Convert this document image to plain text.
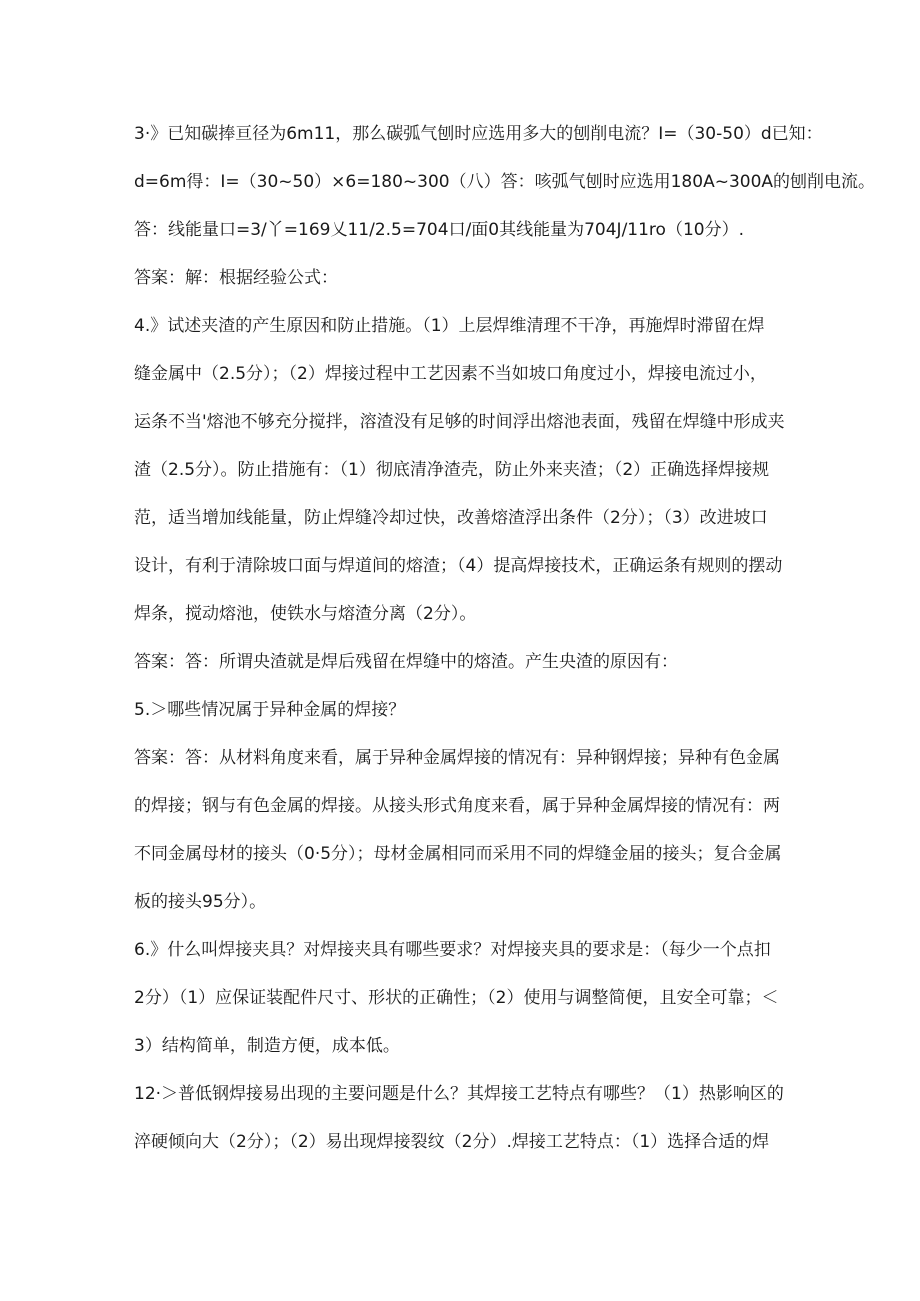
3·》已知碳捧亘径为6m11，那么碳弧气刨时应选用多大的刨削电流？I=（30-50）d已知：
d=6m得：I=（30~50）×6=180~300（八）答：咳弧气刨时应选用180A~300A的刨削电流。
答：线能量口=3/丫=169乂11/2.5=704口/面0其线能量为704J∕11ro（10分）.
答案：解：根据经验公式：
4.》试述夹渣的产生原因和防止措施。（1）上层焊维清理不干净，再施焊时滞留在焊
缝金属中（2.5分）；（2）焊接过程中工艺因素不当如坡口角度过小，焊接电流过小，
运条不当'熔池不够充分搅拌，溶渣没有足够的时间浮出熔池表面，残留在焊缝中形成夹
渣（2.5分）。防止措施有：（1）彻底清净渣壳，防止外来夹渣；（2）正确选择焊接规
范，适当增加线能量，防止焊缝冷却过快，改善熔渣浮出条件（2分）；（3）改进坡口
设计，有利于清除坡口面与焊道间的熔渣；（4）提高焊接技术，正确运条有规则的摆动
焊条，搅动熔池，使铁水与熔渣分离（2分）。
答案：答：所谓央渣就是焊后残留在焊缝中的熔渣。产生央渣的原因有：
5.＞哪些情况属于异种金属的焊接？
答案：答：从材料角度来看，属于异种金属焊接的情况有：异种钢焊接；异种有色金属
的焊接；钢与有色金属的焊接。从接头形式角度来看，属于异种金属焊接的情况有：两
不同金属母材的接头（0·5分）；母材金属相同而采用不同的焊缝金届的接头；复合金属
板的接头95分）。
6.》什么叫焊接夹具？对焊接夹具有哪些要求？对焊接夹具的要求是：（每少一个点扣
2分）（1）应保证装配件尺寸、形状的正确性；（2）使用与调整简便，且安全可靠；＜
3）结构简单，制造方便，成本低。
12·＞普低钢焊接易出现的主要问题是什么？其焊接工艺特点有哪些？（1）热影响区的
淬硬倾向大（2分）；（2）易出现焊接裂纹（2分）.焊接工艺特点：（1）选择合适的焊
